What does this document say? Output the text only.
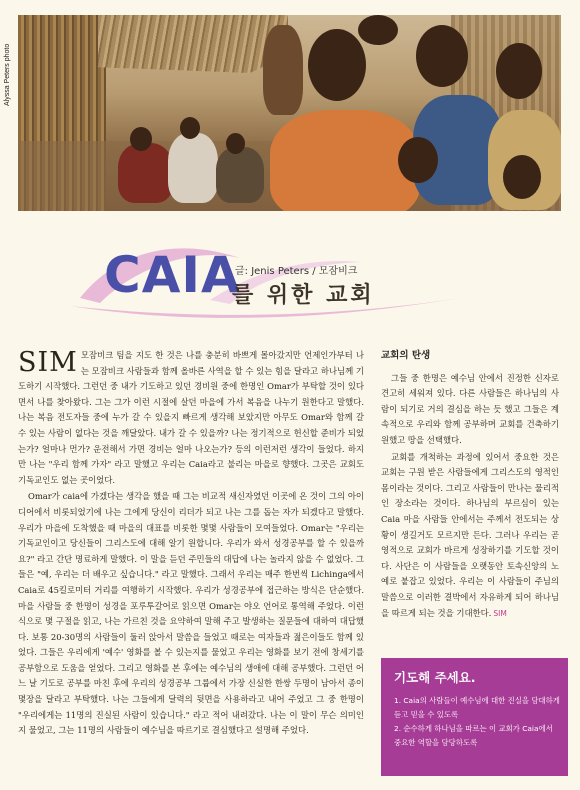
Alyssa Peters photo
CAIA
글: Jenis Peters / 모잠비크
를 위한 교회

SIM 모잠비크 팀을 지도 한 것은 나를 충분히 바쁘게 몰아갔지만 언제인가부터 나는 모잠비크 사람들과 함께 올바른 사역을 할 수 있는 힘을 달라고 하나님께 기도하기 시작했다. 그런던 중 내가 기도하고 있던 경비원 중에 한명인 Omar가 부탁할 것이 있다면서 나를 찾아왔다. 그는 그가 이런 시절에 살던 마을에 가서 복음을 나누기 원한다고 말했다. 나는 복음 전도자들 중에 누가 갈 수 있을지 빠르게 생각해 보았지만 아무도 Omar와 함께 갈 수 있는 사람이 없다는 것을 깨달았다. 내가 갈 수 있을까? 나는 정기적으로 헌신할 준비가 되었는가? 얼마나 먼가? 운전해서 가면 경비는 얼마 나오는가? 등의 이런저런 생각이 들었다. 하지만 나는 "우리 함께 가자" 라고 말했고 우리는 Caia라고 불리는 마을로 향했다. 그곳은 교회도 기독교인도 없는 곳이었다.

Omar가 caia에 가겠다는 생각을 했을 때 그는 비교적 새신자였던 이곳에 온 것이 그의 아이디어에서 비롯되었기에 나는 그에게 당신이 리더가 되고 나는 그를 돕는 자가 되겠다고 말했다. 우리가 마을에 도착했을 때 마을의 대표를 비롯한 몇몇 사람들이 모여들었다. Omar는 "우리는 기독교인이고 당신들이 그리스도에 대해 알기 원합니다. 우리가 와서 성경공부를 할 수 있을까요?" 라고 간단 명료하게 말했다. 이 말을 듣던 주민들의 대답에 나는 놀라지 않을 수 없었다. 그들은 "예, 우리는 더 배우고 싶습니다." 라고 말했다. 그래서 우리는 매주 한번씩 Lichinga에서 Caia로 45킬로미터 거리를 여행하기 시작했다. 우리가 성경공부에 접근하는 방식은 단순했다. 마을 사람들 중 한명이 성경을 포루투갈어로 읽으면 Omar는 야오 언어로 통역해 주었다. 이런식으로 몇 구절을 읽고, 나는 가르친 것을 요약하여 말해 주고 발생하는 질문들에 대하여 대답했다. 보통 20-30명의 사람들이 둘러 앉아서 말씀을 들었고 때로는 여자들과 젊은이들도 함께 있었다. 그들은 우리에게 '예수' 영화를 볼 수 있는지를 물었고 우리는 영화를 보기 전에 창세기를 공부함으로 도움을 얻었다. 그리고 영화를 본 후에는 예수님의 생애에 대해 공부했다. 그런던 어느 날 기도로 공부를 마친 후에 우리의 성경공부 그룹에서 가장 신실한 한쌍 두명이 남아서 종이 몇장을 달라고 부탁했다. 나는 그들에게 달력의 뒷면을 사용하라고 내어 주었고 그 중 한명이 "우리에게는 11명의 진실된 사람이 있습니다." 라고 적어 내려갔다. 나는 이 말이 무슨 의미인지 물었고, 그는 11명의 사람들이 예수님을 따르기로 결심했다고 설명해 주었다.

교회의 탄생

그들 중 한명은 예수님 안에서 진정한 신자로 견고히 세워져 있다. 다른 사람들은 하나님의 사람이 되기로 거의 결심을 하는 듯 했고 그들은 계속적으로 우리와 함께 공부하며 교회를 건축하기 원했고 땅을 선택했다.

교회를 개척하는 과정에 있어서 중요한 것은 교회는 구원 받은 사람들에게 그리스도의 영적인 몸이라는 것이다. 그리고 사람들이 만나는 물리적인 장소라는 것이다. 하나님의 부르심이 있는 Caia 마을 사람들 안에서는 주께서 전도되는 상황이 생길거도 모르지만 든다. 그러나 우리는 곧 영적으로 교회가 바르게 성장하기를 기도할 것이다. 사단은 이 사람들을 오랫동안 토속신앙의 노예로 붙잡고 있었다. 우리는 이 사람들이 주님의 말씀으로 이러한 결박에서 자유하게 되어 하나님을 따르게 되는 것을 기대한다. SIM

기도해 주세요.
1. Caia의 사람들이 예수님에 대한 진실을 담대하게 듣고 믿을 수 있도록
2. 순수하게 하나님을 따르는 이 교회가 Caia에서 중요한 역할을 담당하도록
